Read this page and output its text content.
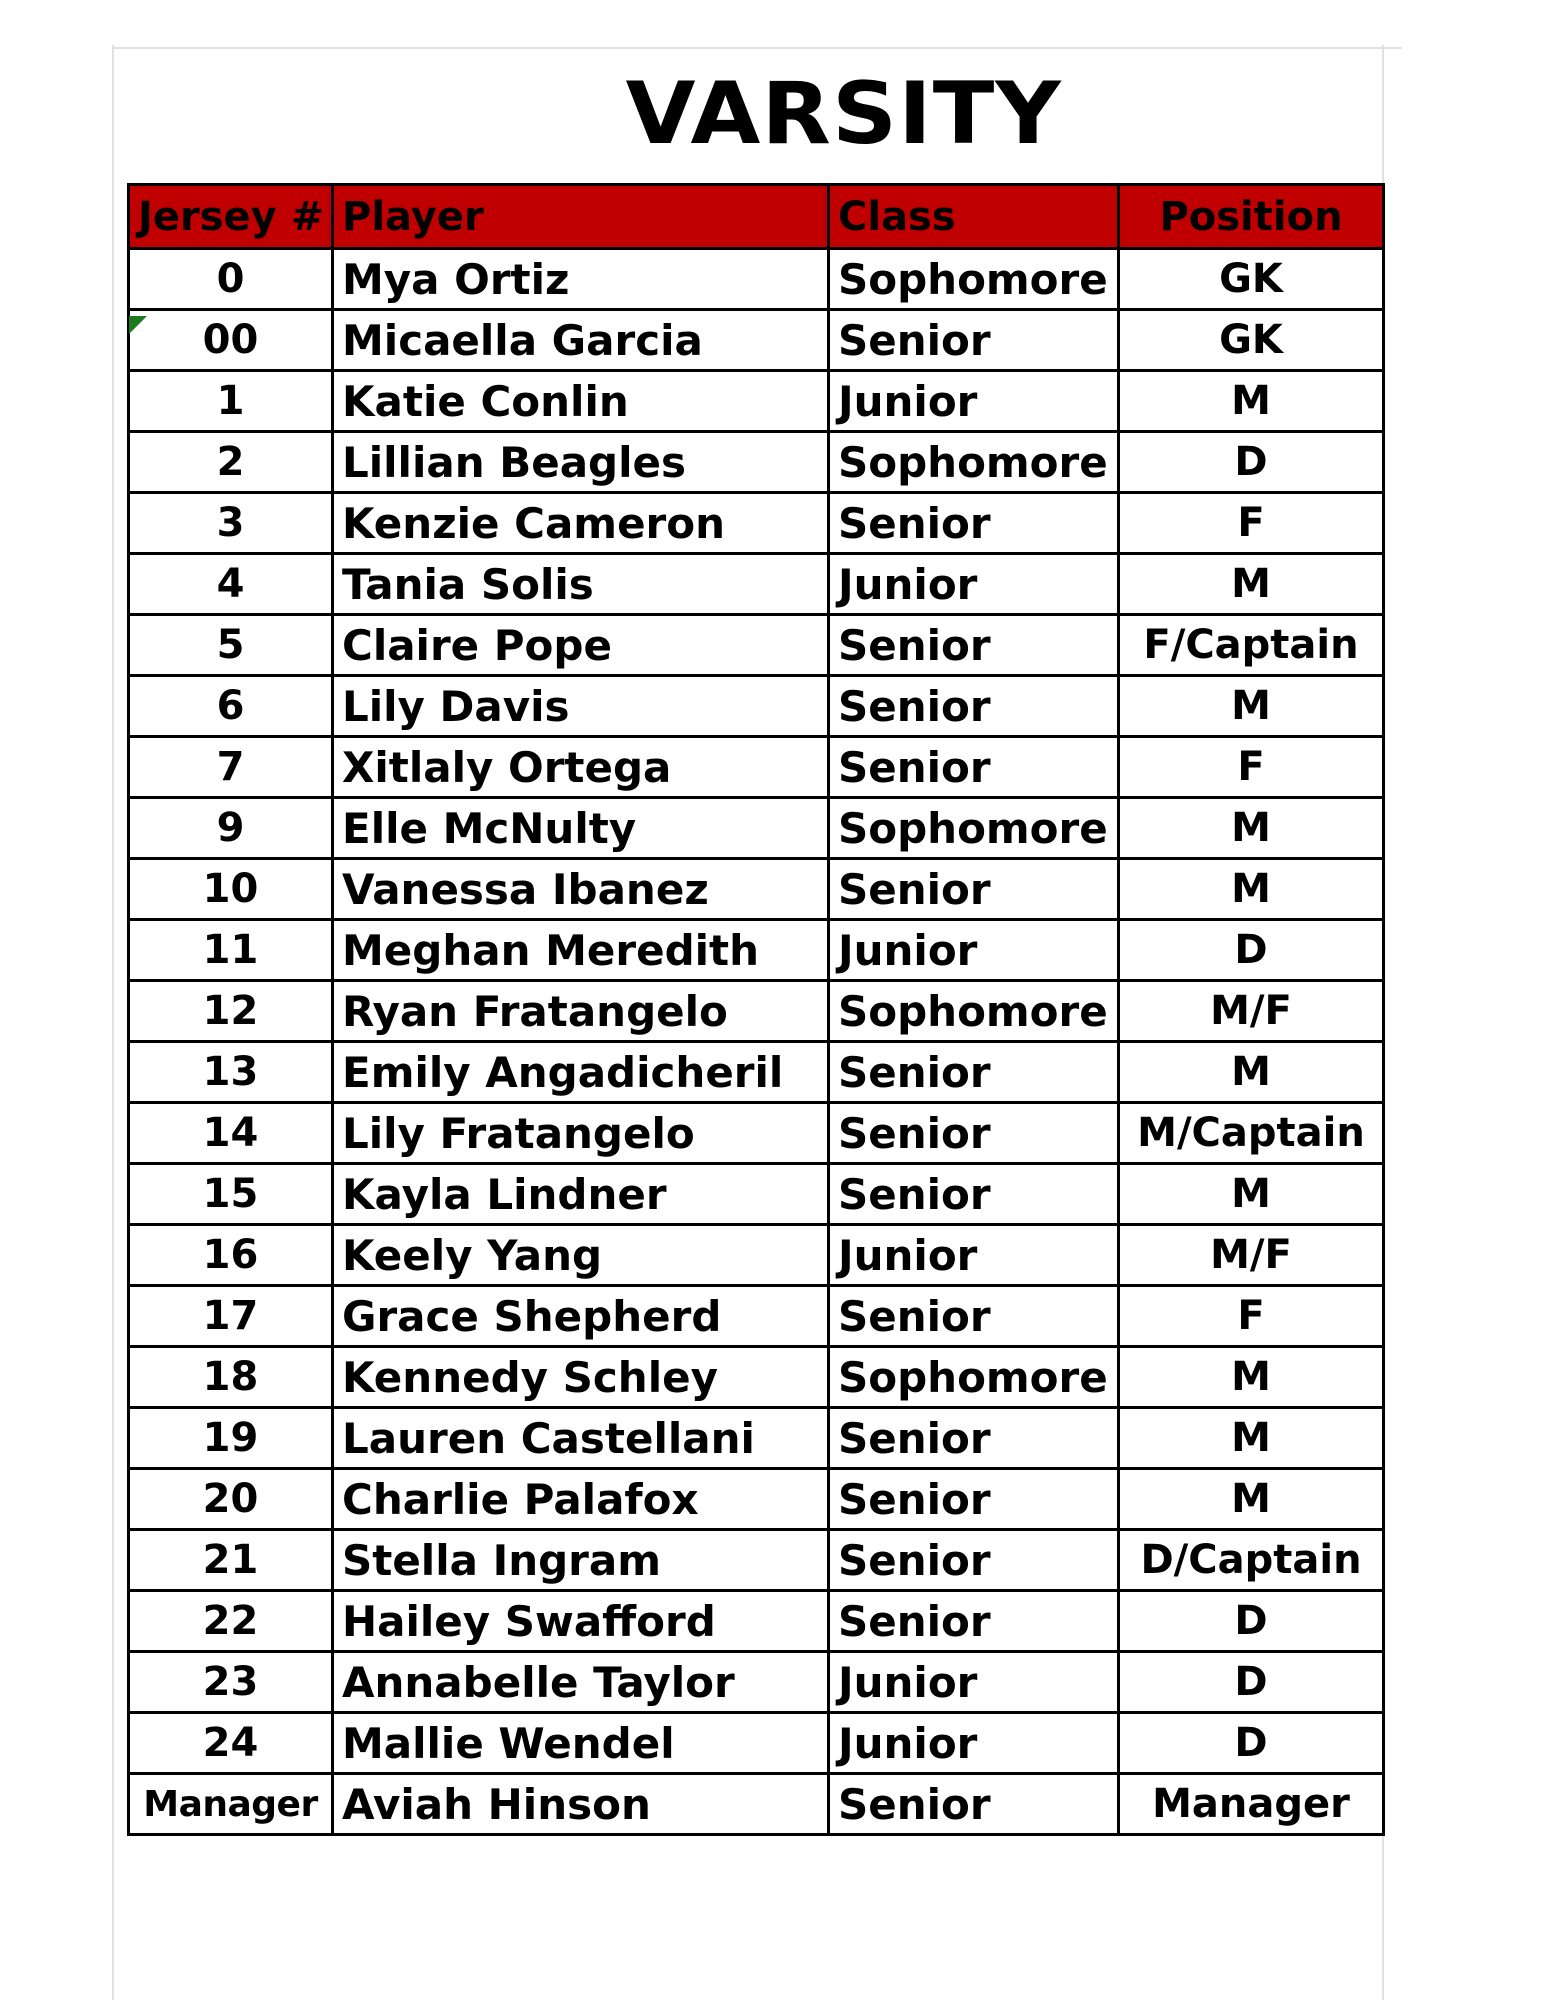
VARSITY
Jersey #	Player	Class	Position
0	Mya Ortiz	Sophomore	GK
00	Micaella Garcia	Senior	GK
1	Katie Conlin	Junior	M
2	Lillian Beagles	Sophomore	D
3	Kenzie Cameron	Senior	F
4	Tania Solis	Junior	M
5	Claire Pope	Senior	F/Captain
6	Lily Davis	Senior	M
7	Xitlaly Ortega	Senior	F
9	Elle McNulty	Sophomore	M
10	Vanessa Ibanez	Senior	M
11	Meghan Meredith	Junior	D
12	Ryan Fratangelo	Sophomore	M/F
13	Emily Angadicheril	Senior	M
14	Lily Fratangelo	Senior	M/Captain
15	Kayla Lindner	Senior	M
16	Keely Yang	Junior	M/F
17	Grace Shepherd	Senior	F
18	Kennedy Schley	Sophomore	M
19	Lauren Castellani	Senior	M
20	Charlie Palafox	Senior	M
21	Stella Ingram	Senior	D/Captain
22	Hailey Swafford	Senior	D
23	Annabelle Taylor	Junior	D
24	Mallie Wendel	Junior	D
Manager	Aviah Hinson	Senior	Manager
